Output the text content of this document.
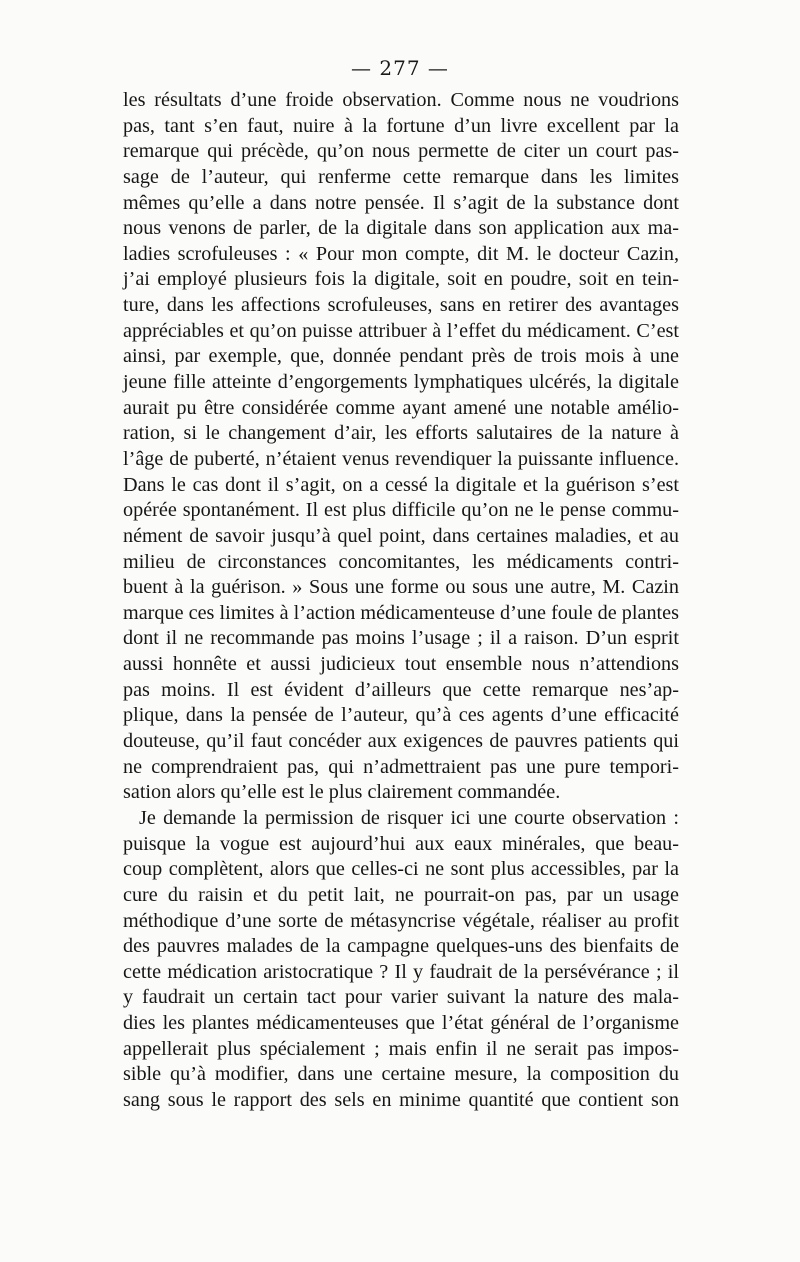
— 277 —
les résultats d’une froide observation. Comme nous ne voudrions
pas, tant s’en faut, nuire à la fortune d’un livre excellent par la
remarque qui précède, qu’on nous permette de citer un court pas-
sage de l’auteur, qui renferme cette remarque dans les limites
mêmes qu’elle a dans notre pensée. Il s’agit de la substance dont
nous venons de parler, de la digitale dans son application aux ma-
ladies scrofuleuses : « Pour mon compte, dit M. le docteur Cazin,
j’ai employé plusieurs fois la digitale, soit en poudre, soit en tein-
ture, dans les affections scrofuleuses, sans en retirer des avantages
appréciables et qu’on puisse attribuer à l’effet du médicament. C’est
ainsi, par exemple, que, donnée pendant près de trois mois à une
jeune fille atteinte d’engorgements lymphatiques ulcérés, la digitale
aurait pu être considérée comme ayant amené une notable amélio-
ration, si le changement d’air, les efforts salutaires de la nature à
l’âge de puberté, n’étaient venus revendiquer la puissante influence.
Dans le cas dont il s’agit, on a cessé la digitale et la guérison s’est
opérée spontanément. Il est plus difficile qu’on ne le pense commu-
nément de savoir jusqu’à quel point, dans certaines maladies, et au
milieu de circonstances concomitantes, les médicaments contri-
buent à la guérison. » Sous une forme ou sous une autre, M. Cazin
marque ces limites à l’action médicamenteuse d’une foule de plantes
dont il ne recommande pas moins l’usage ; il a raison. D’un esprit
aussi honnête et aussi judicieux tout ensemble nous n’attendions
pas moins. Il est évident d’ailleurs que cette remarque nes’ap-
plique, dans la pensée de l’auteur, qu’à ces agents d’une efficacité
douteuse, qu’il faut concéder aux exigences de pauvres patients qui
ne comprendraient pas, qui n’admettraient pas une pure tempori-
sation alors qu’elle est le plus clairement commandée.
Je demande la permission de risquer ici une courte observation :
puisque la vogue est aujourd’hui aux eaux minérales, que beau-
coup complètent, alors que celles-ci ne sont plus accessibles, par la
cure du raisin et du petit lait, ne pourrait-on pas, par un usage
méthodique d’une sorte de métasyncrise végétale, réaliser au profit
des pauvres malades de la campagne quelques-uns des bienfaits de
cette médication aristocratique ? Il y faudrait de la persévérance ; il
y faudrait un certain tact pour varier suivant la nature des mala-
dies les plantes médicamenteuses que l’état général de l’organisme
appellerait plus spécialement ; mais enfin il ne serait pas impos-
sible qu’à modifier, dans une certaine mesure, la composition du
sang sous le rapport des sels en minime quantité que contient son
